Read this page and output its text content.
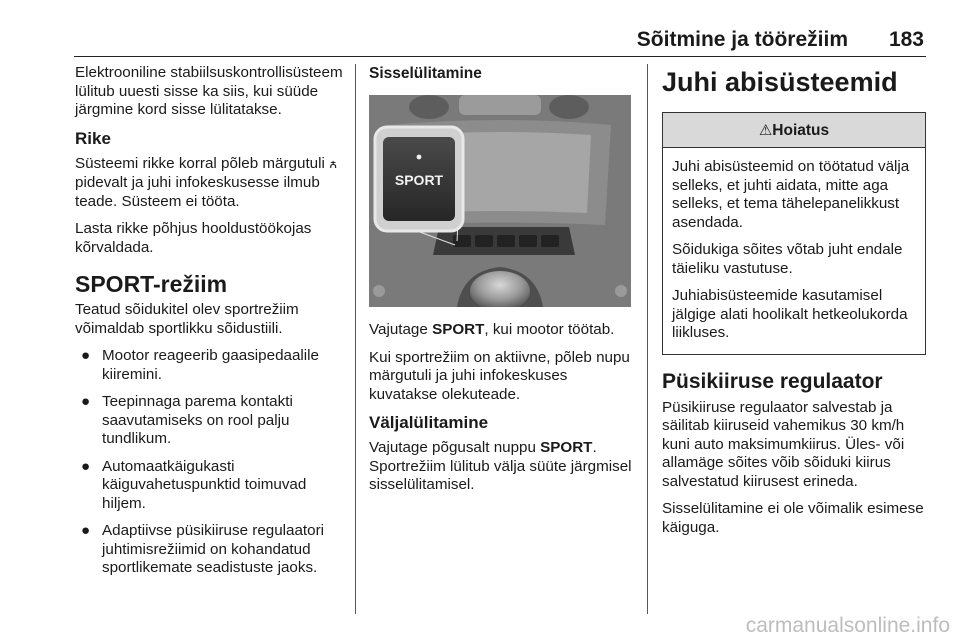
Sõitmine ja töörežiim 183

Elektrooniline stabiilsuskontrollisüsteem lülitub uuesti sisse ka siis, kui süüde järgmine kord sisse lülitatakse.

Rike

Süsteemi rikke korral põleb märgutuli ꙉ pidevalt ja juhi infokeskusesse ilmub teade. Süsteem ei tööta.

Lasta rikke põhjus hooldustöökojas kõrvaldada.

SPORT-režiim

Teatud sõidukitel olev sportrežiim võimaldab sportlikku sõidustiili.

● Mootor reageerib gaasipedaalile kiiremini.
● Teepinnaga parema kontakti saavutamiseks on rool palju tundlikum.
● Automaatkäigukasti käiguvahetuspunktid toimuvad hiljem.
● Adaptiivse püsikiiruse regulaatori juhtimisrežiimid on kohandatud sportlikemate seadistuste jaoks.
Sisselülitamine
SPORT

Vajutage SPORT, kui mootor töötab.

Kui sportrežiim on aktiivne, põleb nupu märgutuli ja juhi infokeskuses kuvatakse olekuteade.

Väljalülitamine

Vajutage põgusalt nuppu SPORT. Sportrežiim lülitub välja süüte järgmisel sisselülitamisel.

Juhi abisüsteemid
⚠Hoiatus

Juhi abisüsteemid on töötatud välja selleks, et juhti aidata, mitte aga selleks, et tema tähelepanelikkust asendada.

Sõidukiga sõites võtab juht endale täieliku vastutuse.

Juhiabisüsteemide kasutamisel jälgige alati hoolikalt hetkeolukorda liikluses.

Püsikiiruse regulaator

Püsikiiruse regulaator salvestab ja säilitab kiiruseid vahemikus 30 km/h kuni auto maksimumkiirus. Üles- või allamäge sõites võib sõiduki kiirus salvestatud kiirusest erineda.

Sisselülitamine ei ole võimalik esimese käiguga.

carmanualsonline.info
